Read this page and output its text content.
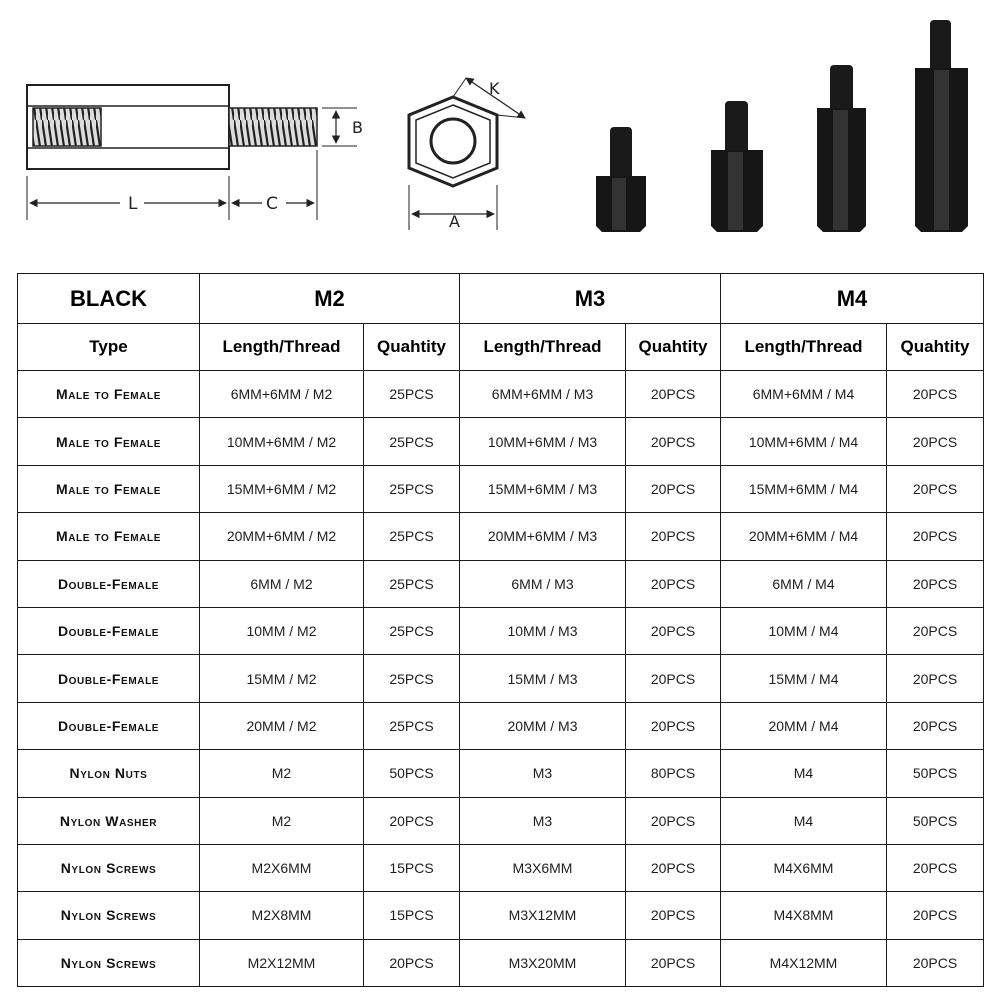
B
L	C
K
A
BLACK	M2		M3		M4	
Type	Length/Thread	Quahtity	Length/Thread	Quahtity	Length/Thread	Quahtity
Male to Female	6MM+6MM / M2	25PCS	6MM+6MM / M3	20PCS	6MM+6MM / M4	20PCS
Male to Female	10MM+6MM / M2	25PCS	10MM+6MM / M3	20PCS	10MM+6MM / M4	20PCS
Male to Female	15MM+6MM / M2	25PCS	15MM+6MM / M3	20PCS	15MM+6MM / M4	20PCS
Male to Female	20MM+6MM / M2	25PCS	20MM+6MM / M3	20PCS	20MM+6MM / M4	20PCS
Double-Female	6MM / M2	25PCS	6MM / M3	20PCS	6MM / M4	20PCS
Double-Female	10MM / M2	25PCS	10MM / M3	20PCS	10MM / M4	20PCS
Double-Female	15MM / M2	25PCS	15MM / M3	20PCS	15MM / M4	20PCS
Double-Female	20MM / M2	25PCS	20MM / M3	20PCS	20MM / M4	20PCS
Nylon Nuts	M2	50PCS	M3	80PCS	M4	50PCS
Nylon Washer	M2	20PCS	M3	20PCS	M4	50PCS
Nylon Screws	M2X6MM	15PCS	M3X6MM	20PCS	M4X6MM	20PCS
Nylon Screws	M2X8MM	15PCS	M3X12MM	20PCS	M4X8MM	20PCS
Nylon Screws	M2X12MM	20PCS	M3X20MM	20PCS	M4X12MM	20PCS
